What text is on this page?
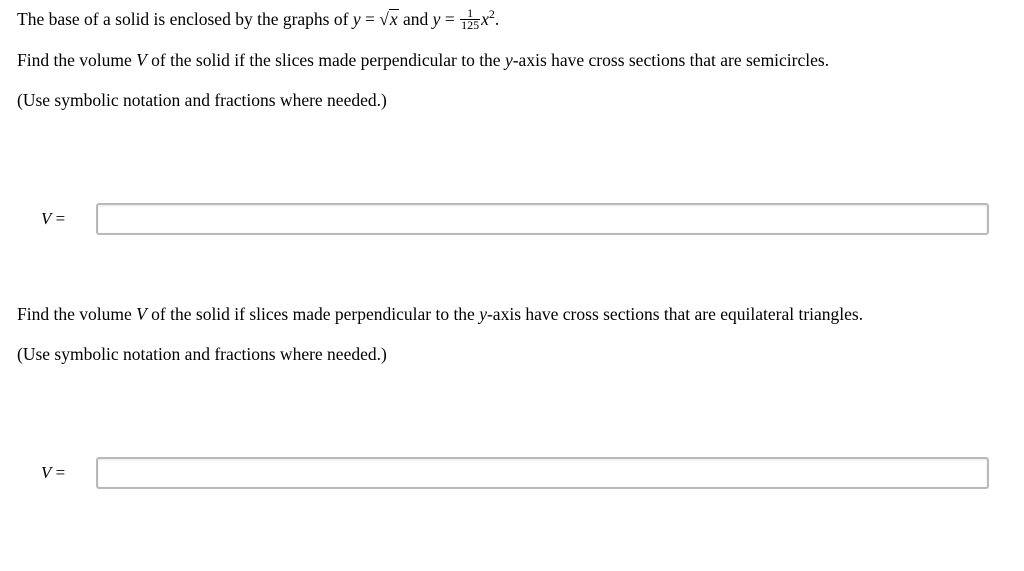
The base of a solid is enclosed by the graphs of y = √x and $y = \frac{1}{125} x^2$.
Find the volume V of the solid if the slices made perpendicular to the y-axis have cross sections that are semicircles.
(Use symbolic notation and fractions where needed.)
V =
Find the volume V of the solid if slices made perpendicular to the y-axis have cross sections that are equilateral triangles.
(Use symbolic notation and fractions where needed.)
V =
